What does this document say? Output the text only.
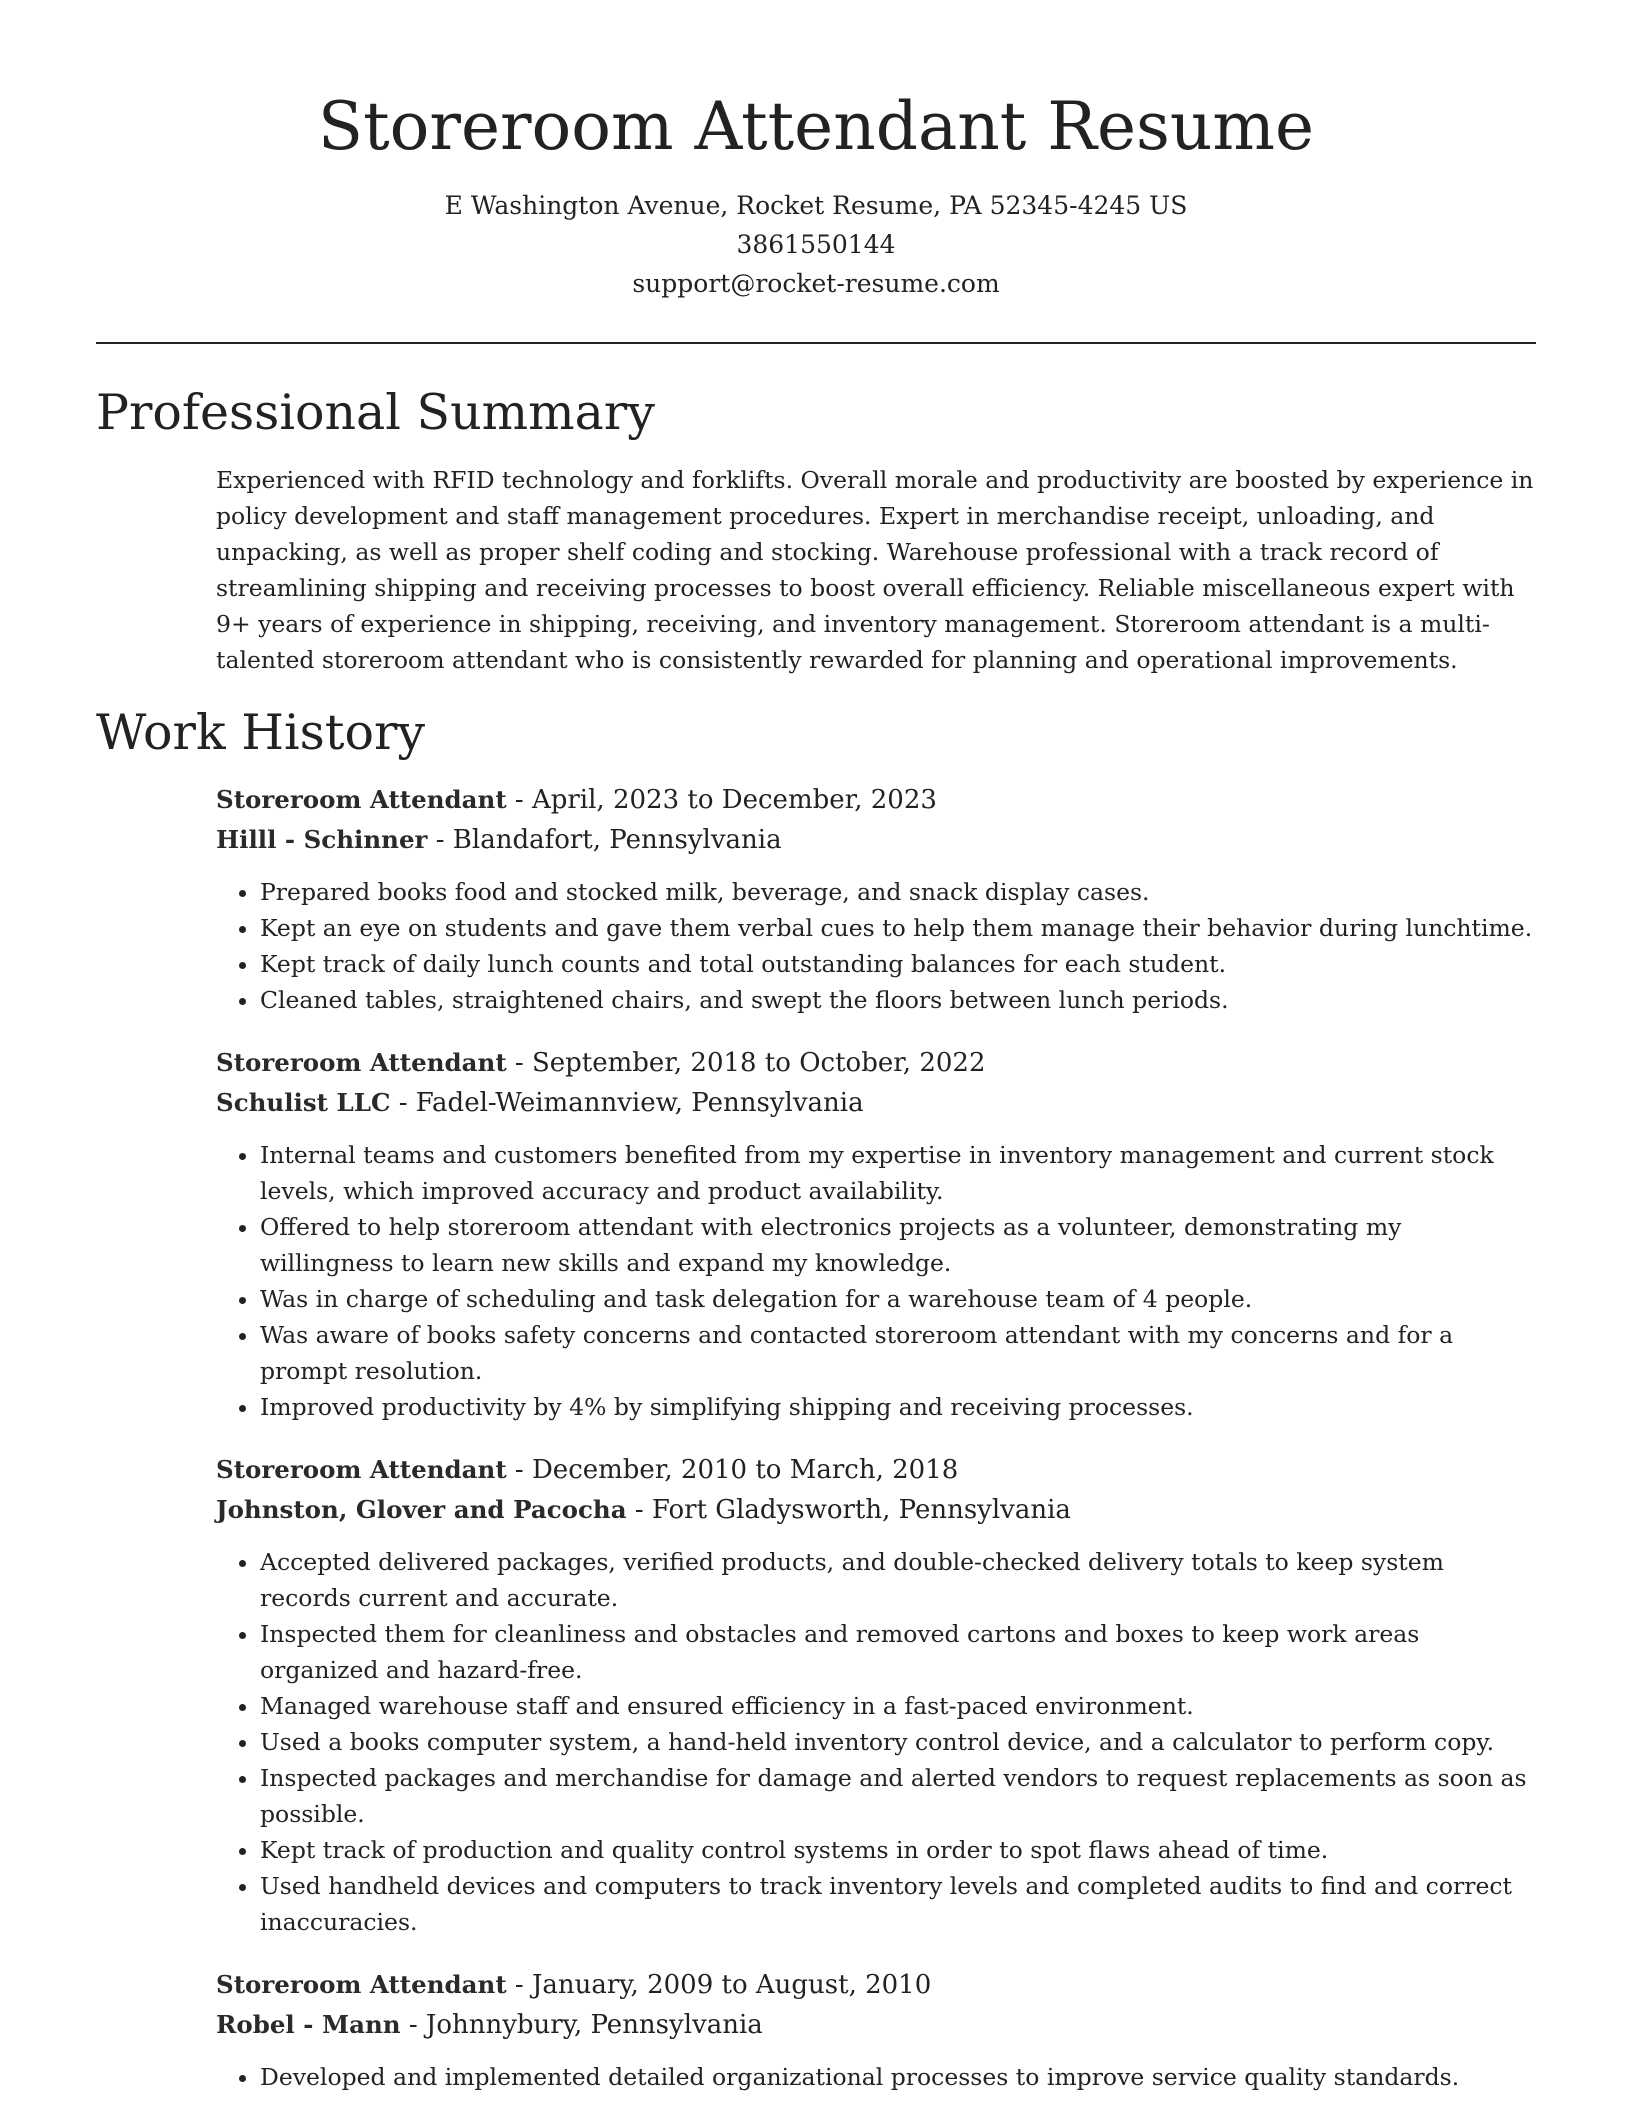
Storeroom Attendant Resume
E Washington Avenue, Rocket Resume, PA 52345-4245 US
3861550144
support@rocket-resume.com
Professional Summary

Experienced with RFID technology and forklifts. Overall morale and productivity are boosted by experience in policy development and staff management procedures. Expert in merchandise receipt, unloading, and unpacking, as well as proper shelf coding and stocking. Warehouse professional with a track record of streamlining shipping and receiving processes to boost overall efficiency. Reliable miscellaneous expert with 9+ years of experience in shipping, receiving, and inventory management. Storeroom attendant is a multi-talented storeroom attendant who is consistently rewarded for planning and operational improvements.

Work History

Storeroom Attendant - April, 2023 to December, 2023

Hilll - Schinner - Blandafort, Pennsylvania

• Prepared books food and stocked milk, beverage, and snack display cases.
• Kept an eye on students and gave them verbal cues to help them manage their behavior during lunchtime.
• Kept track of daily lunch counts and total outstanding balances for each student.
• Cleaned tables, straightened chairs, and swept the floors between lunch periods.

Storeroom Attendant - September, 2018 to October, 2022

Schulist LLC - Fadel-Weimannview, Pennsylvania

• Internal teams and customers benefited from my expertise in inventory management and current stock levels, which improved accuracy and product availability.
• Offered to help storeroom attendant with electronics projects as a volunteer, demonstrating my willingness to learn new skills and expand my knowledge.
• Was in charge of scheduling and task delegation for a warehouse team of 4 people.
• Was aware of books safety concerns and contacted storeroom attendant with my concerns and for a prompt resolution.
• Improved productivity by 4% by simplifying shipping and receiving processes.

Storeroom Attendant - December, 2010 to March, 2018

Johnston, Glover and Pacocha - Fort Gladysworth, Pennsylvania

• Accepted delivered packages, verified products, and double-checked delivery totals to keep system records current and accurate.
• Inspected them for cleanliness and obstacles and removed cartons and boxes to keep work areas organized and hazard-free.
• Managed warehouse staff and ensured efficiency in a fast-paced environment.
• Used a books computer system, a hand-held inventory control device, and a calculator to perform copy.
• Inspected packages and merchandise for damage and alerted vendors to request replacements as soon as possible.
• Kept track of production and quality control systems in order to spot flaws ahead of time.
• Used handheld devices and computers to track inventory levels and completed audits to find and correct inaccuracies.

Storeroom Attendant - January, 2009 to August, 2010

Robel - Mann - Johnnybury, Pennsylvania

• Developed and implemented detailed organizational processes to improve service quality standards.
